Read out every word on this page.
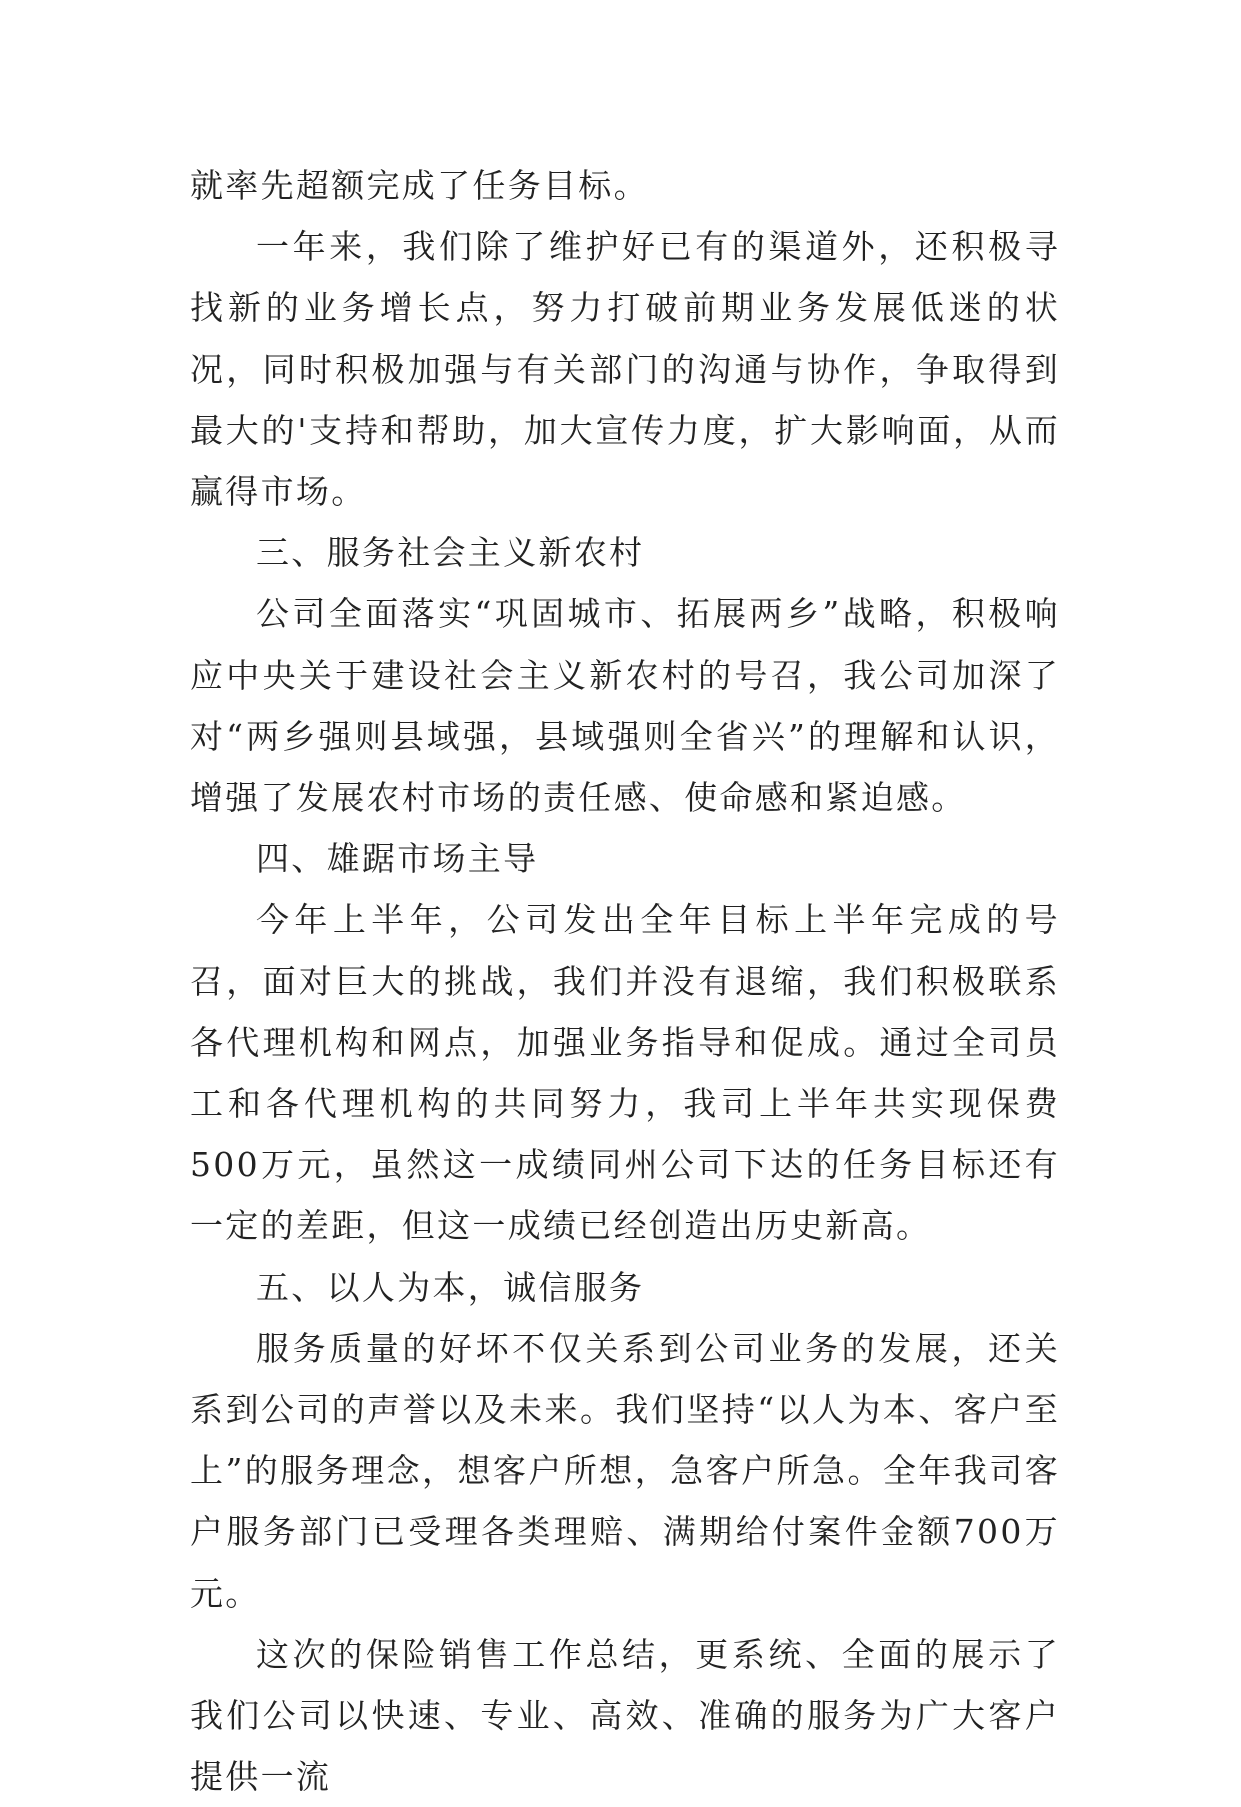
就率先超额完成了任务目标。

一年来，我们除了维护好已有的渠道外，还积极寻找新的业务增长点，努力打破前期业务发展低迷的状况，同时积极加强与有关部门的沟通与协作，争取得到最大的'支持和帮助，加大宣传力度，扩大影响面，从而赢得市场。

三、服务社会主义新农村

公司全面落实“巩固城市、拓展两乡”战略，积极响应中央关于建设社会主义新农村的号召，我公司加深了对“两乡强则县域强，县域强则全省兴”的理解和认识，增强了发展农村市场的责任感、使命感和紧迫感。

四、雄踞市场主导

今年上半年，公司发出全年目标上半年完成的号召，面对巨大的挑战，我们并没有退缩，我们积极联系各代理机构和网点，加强业务指导和促成。通过全司员工和各代理机构的共同努力，我司上半年共实现保费500万元，虽然这一成绩同州公司下达的任务目标还有一定的差距，但这一成绩已经创造出历史新高。

五、以人为本，诚信服务

服务质量的好坏不仅关系到公司业务的发展，还关系到公司的声誉以及未来。我们坚持“以人为本、客户至上”的服务理念，想客户所想，急客户所急。全年我司客户服务部门已受理各类理赔、满期给付案件金额700万元。

这次的保险销售工作总结，更系统、全面的展示了我们公司以快速、专业、高效、准确的服务为广大客户提供一流
